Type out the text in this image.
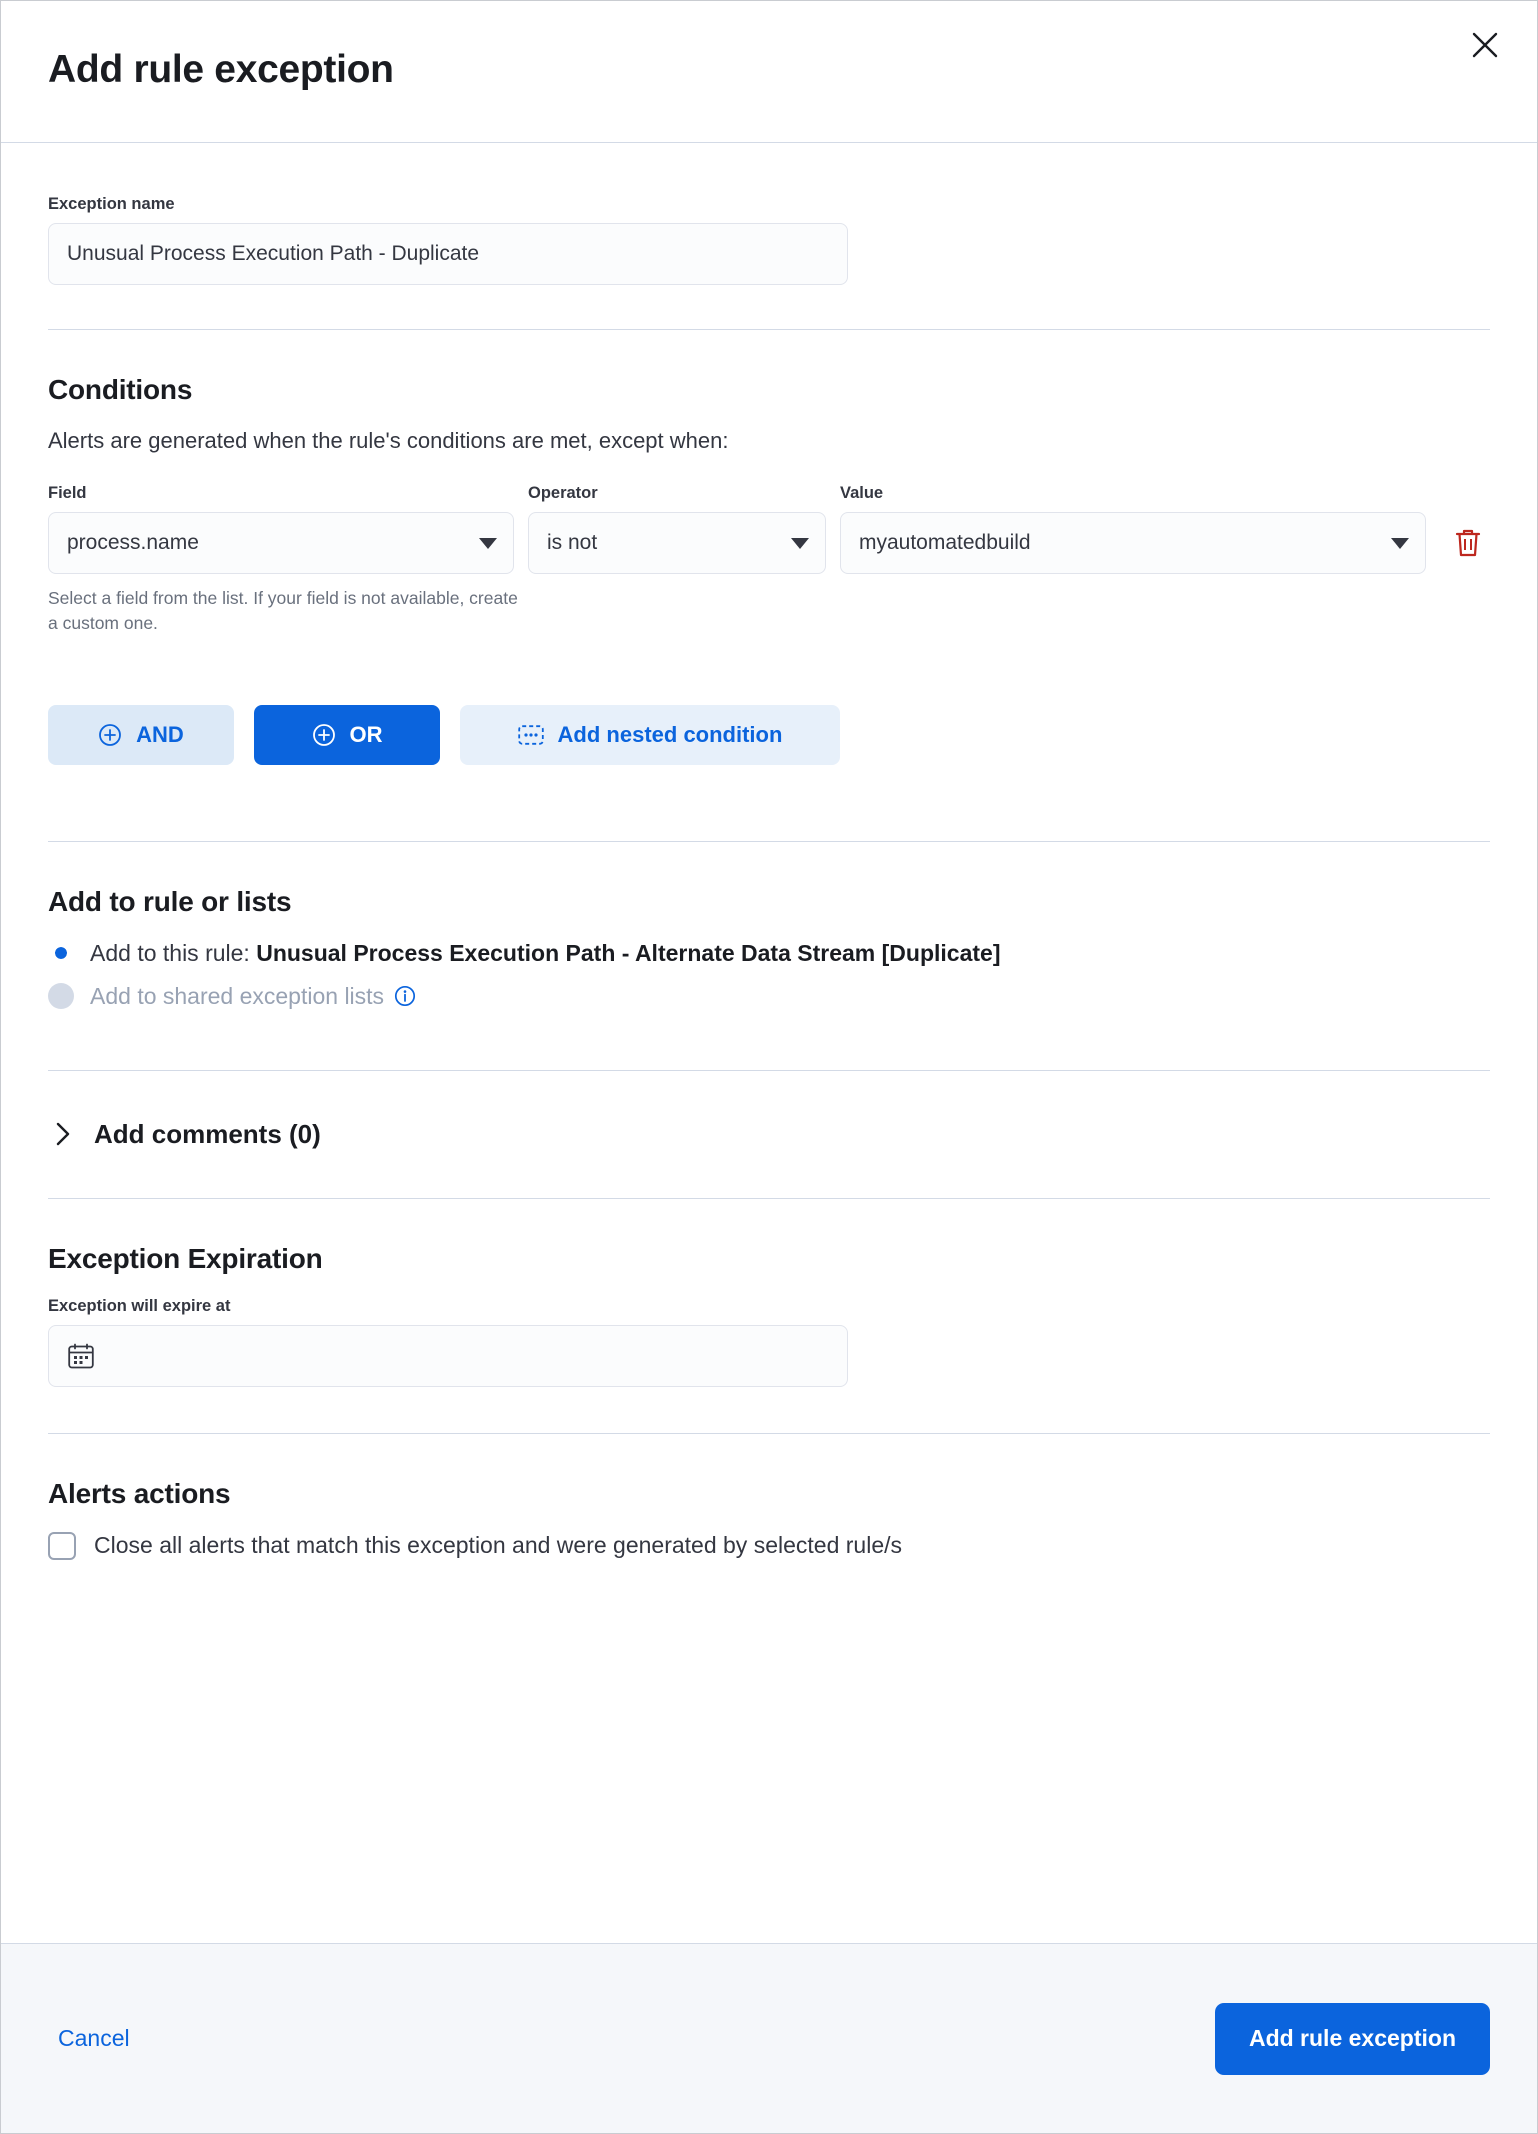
Add rule exception
Exception name
Unusual Process Execution Path - Duplicate
Conditions

Alerts are generated when the rule's conditions are met, except when:

Field	Operator	Value
process.name	is not	myautomatedbuild
Select a field from the list. If your field is not available, create a custom one.
AND	OR	Add nested condition
Add to rule or lists
Add to this rule: Unusual Process Execution Path - Alternate Data Stream [Duplicate]
Add to shared exception lists
Add comments (0)
Exception Expiration
Exception will expire at
Alerts actions
Close all alerts that match this exception and were generated by selected rule/s
Cancel	Add rule exception
